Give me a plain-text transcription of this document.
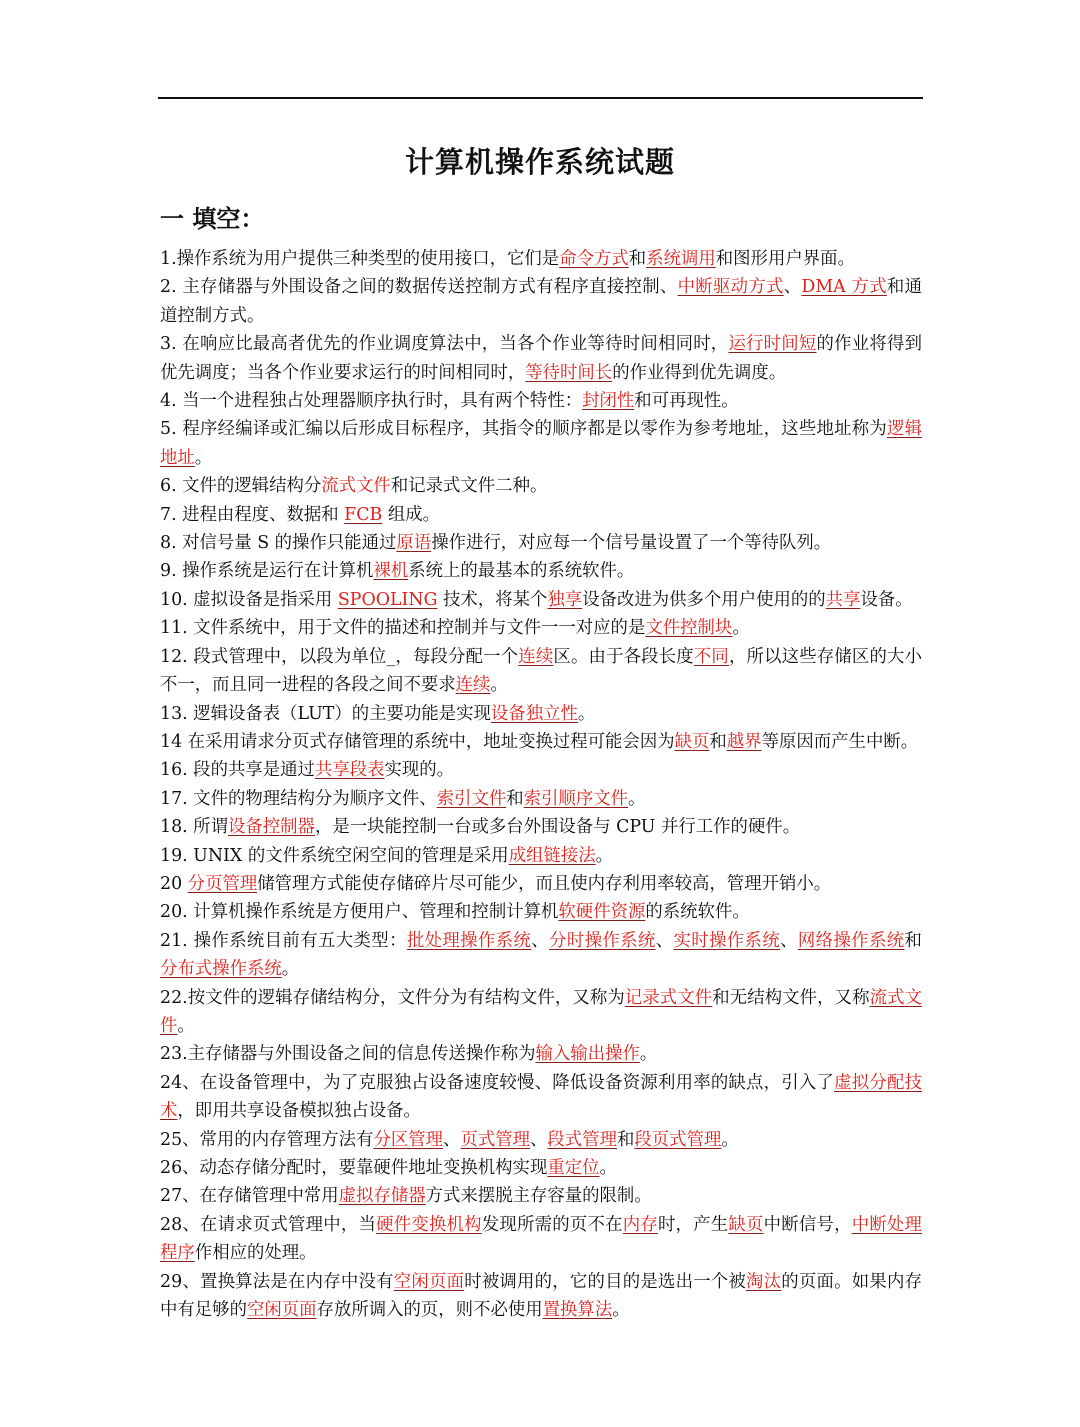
计算机操作系统试题
一 填空：

1.操作系统为用户提供三种类型的使用接口，它们是命令方式和系统调用和图形用户界面。

2. 主存储器与外围设备之间的数据传送控制方式有程序直接控制、中断驱动方式、DMA 方式和通道控制方式。

3. 在响应比最高者优先的作业调度算法中，当各个作业等待时间相同时，运行时间短的作业将得到优先调度；当各个作业要求运行的时间相同时，等待时间长的作业得到优先调度。

4. 当一个进程独占处理器顺序执行时，具有两个特性：封闭性和可再现性。

5. 程序经编译或汇编以后形成目标程序，其指令的顺序都是以零作为参考地址，这些地址称为逻辑地址。

6. 文件的逻辑结构分流式文件和记录式文件二种。

7. 进程由程度、数据和 FCB 组成。

8. 对信号量 S 的操作只能通过原语操作进行，对应每一个信号量设置了一个等待队列。

9. 操作系统是运行在计算机裸机系统上的最基本的系统软件。

10. 虚拟设备是指采用 SPOOLING 技术，将某个独享设备改进为供多个用户使用的的共享设备。

11. 文件系统中，用于文件的描述和控制并与文件一一对应的是文件控制块。

12. 段式管理中，以段为单位_，每段分配一个连续区。由于各段长度不同，所以这些存储区的大小不一，而且同一进程的各段之间不要求连续。

13. 逻辑设备表（LUT）的主要功能是实现设备独立性。

14 在采用请求分页式存储管理的系统中，地址变换过程可能会因为缺页和越界等原因而产生中断。

16. 段的共享是通过共享段表实现的。

17. 文件的物理结构分为顺序文件、索引文件和索引顺序文件。

18. 所谓设备控制器，是一块能控制一台或多台外围设备与 CPU 并行工作的硬件。

19. UNIX 的文件系统空闲空间的管理是采用成组链接法。

20 分页管理储管理方式能使存储碎片尽可能少，而且使内存利用率较高，管理开销小。

20. 计算机操作系统是方便用户、管理和控制计算机软硬件资源的系统软件。

21. 操作系统目前有五大类型：批处理操作系统、分时操作系统、实时操作系统、网络操作系统和分布式操作系统。

22.按文件的逻辑存储结构分，文件分为有结构文件，又称为记录式文件和无结构文件，又称流式文件。

23.主存储器与外围设备之间的信息传送操作称为输入输出操作。

24、在设备管理中，为了克服独占设备速度较慢、降低设备资源利用率的缺点，引入了虚拟分配技术，即用共享设备模拟独占设备。

25、常用的内存管理方法有分区管理、页式管理、段式管理和段页式管理。

26、动态存储分配时，要靠硬件地址变换机构实现重定位。

27、在存储管理中常用虚拟存储器方式来摆脱主存容量的限制。

28、在请求页式管理中，当硬件变换机构发现所需的页不在内存时，产生缺页中断信号，中断处理程序作相应的处理。

29、置换算法是在内存中没有空闲页面时被调用的，它的目的是选出一个被淘汰的页面。如果内存中有足够的空闲页面存放所调入的页，则不必使用置换算法。
